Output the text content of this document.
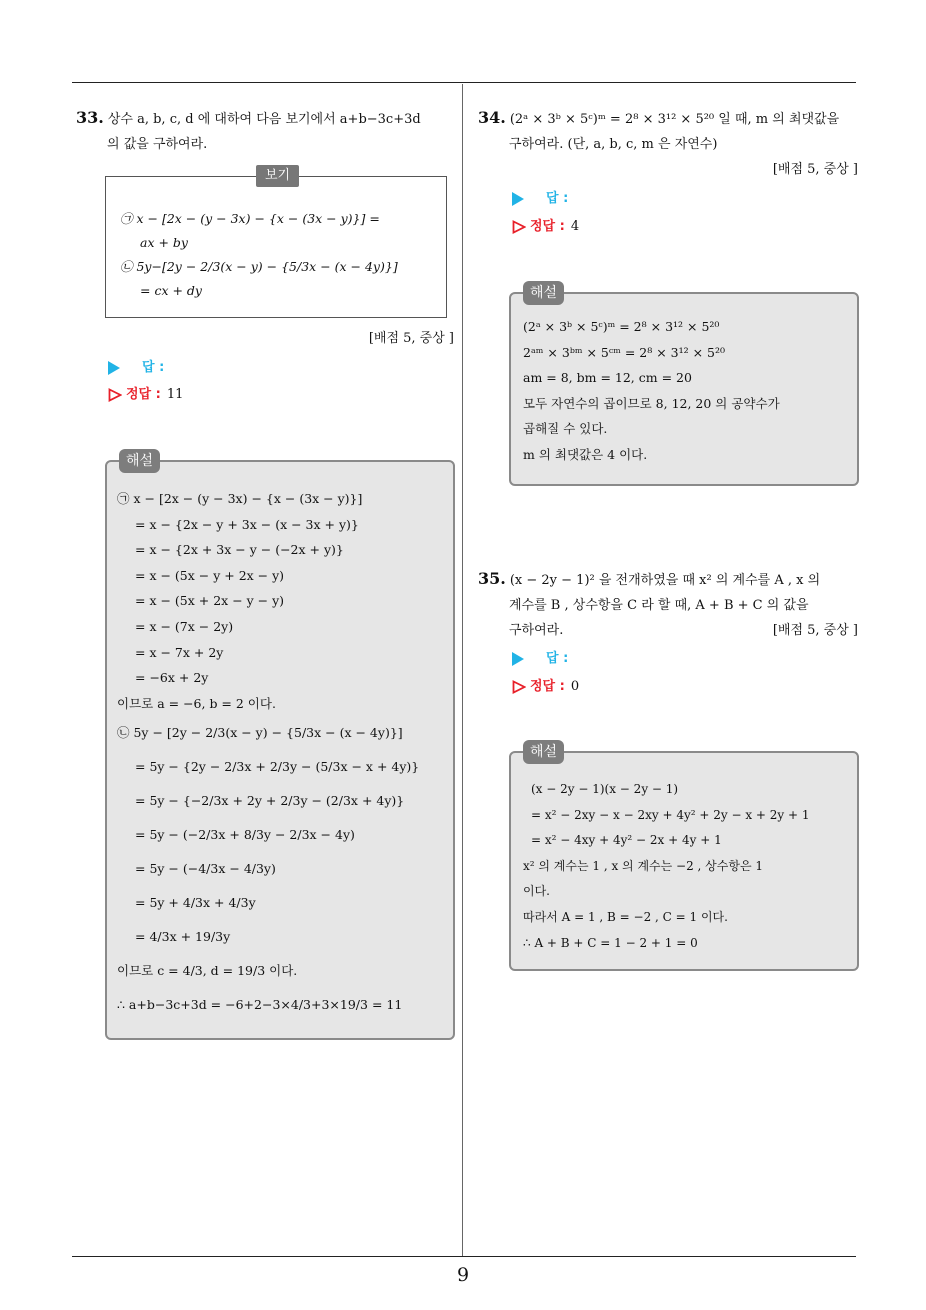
9
33. 상수 a, b, c, d 에 대하여 다음 보기에서 a+b−3c+3d
의 값을 구하여라.
보기
㉠ x − [2x − (y − 3x) − {x − (3x − y)}] =
ax + by
㉡ 5y−[2y − 2/3(x − y) − {5/3x − (x − 4y)}]
= cx + dy
[배점 5, 중상 ]
답 :
정답 : 11
해설
㉠ x − [2x − (y − 3x) − {x − (3x − y)}]
= x − {2x − y + 3x − (x − 3x + y)}
= x − {2x + 3x − y − (−2x + y)}
= x − (5x − y + 2x − y)
= x − (5x + 2x − y − y)
= x − (7x − 2y)
= x − 7x + 2y
= −6x + 2y
이므로 a = −6, b = 2 이다.
㉡ 5y − [2y − 2/3(x − y) − {5/3x − (x − 4y)}]
= 5y − {2y − 2/3x + 2/3y − (5/3x − x + 4y)}
= 5y − {−2/3x + 2y + 2/3y − (2/3x + 4y)}
= 5y − (−2/3x + 8/3y − 2/3x − 4y)
= 5y − (−4/3x − 4/3y)
= 5y + 4/3x + 4/3y
= 4/3x + 19/3y
이므로 c = 4/3, d = 19/3 이다.
∴ a+b−3c+3d = −6+2−3×4/3+3×19/3 = 11
34. (2ᵃ × 3ᵇ × 5ᶜ)ᵐ = 2⁸ × 3¹² × 5²⁰ 일 때, m 의 최댓값을
구하여라. (단, a, b, c, m 은 자연수)
[배점 5, 중상 ]
답 :
정답 : 4
해설
(2ᵃ × 3ᵇ × 5ᶜ)ᵐ = 2⁸ × 3¹² × 5²⁰
2ᵃᵐ × 3ᵇᵐ × 5ᶜᵐ = 2⁸ × 3¹² × 5²⁰
am = 8, bm = 12, cm = 20
모두 자연수의 곱이므로 8, 12, 20 의 공약수가
곱해질 수 있다.
m 의 최댓값은 4 이다.
35. (x − 2y − 1)² 을 전개하였을 때 x² 의 계수를 A , x 의
계수를 B , 상수항을 C 라 할 때, A + B + C 의 값을
구하여라.	[배점 5, 중상 ]
답 :
정답 : 0
해설
(x − 2y − 1)(x − 2y − 1)
= x² − 2xy − x − 2xy + 4y² + 2y − x + 2y + 1
= x² − 4xy + 4y² − 2x + 4y + 1
x² 의 계수는 1 , x 의 계수는 −2 , 상수항은 1
이다.
따라서 A = 1 , B = −2 , C = 1 이다.
∴ A + B + C = 1 − 2 + 1 = 0
